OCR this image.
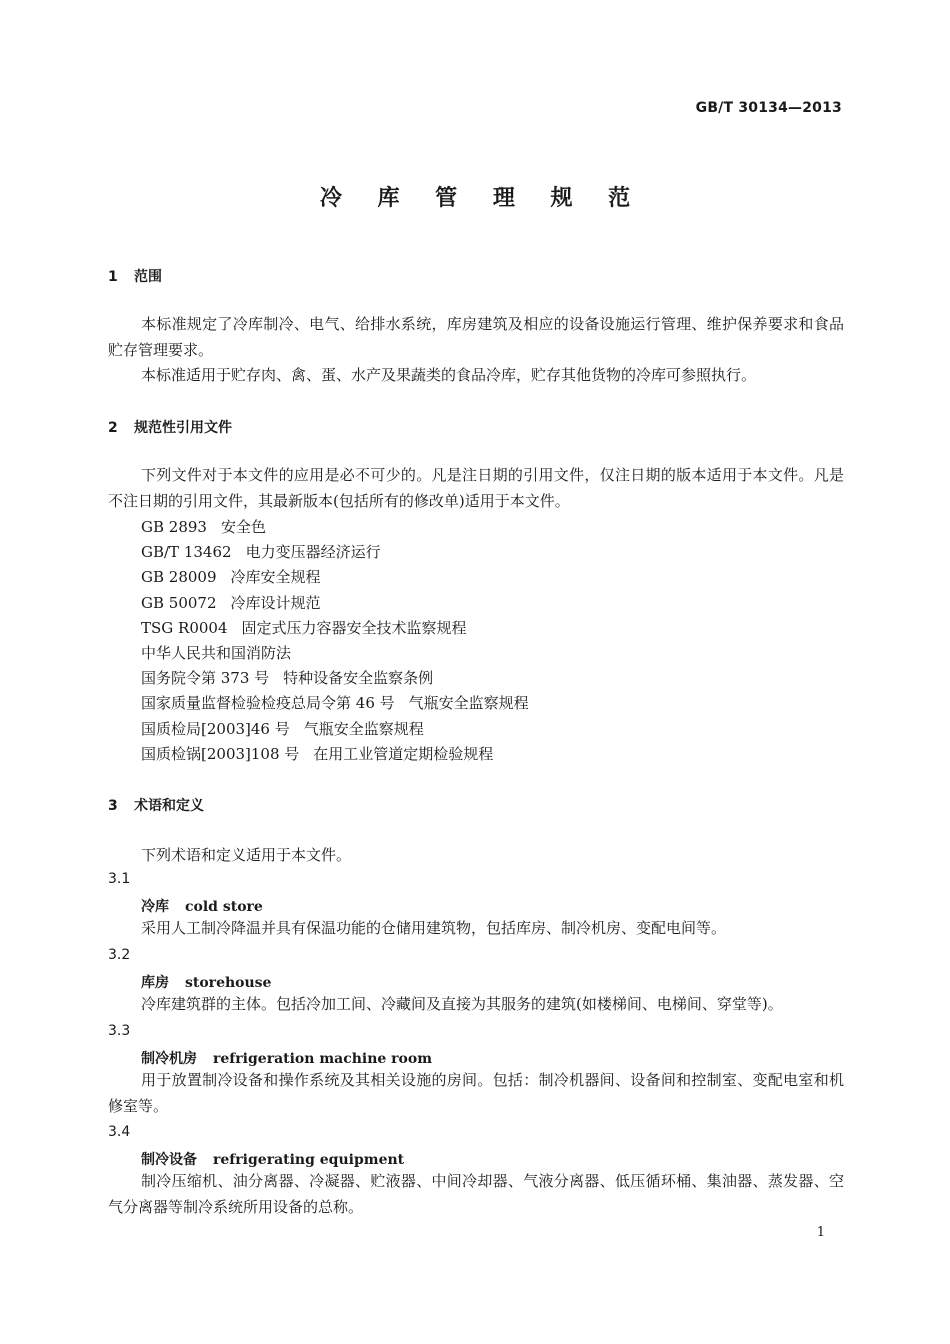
GB/T 30134—2013
冷 库 管 理 规 范
1 范围
本标准规定了冷库制冷、电气、给排水系统，库房建筑及相应的设备设施运行管理、维护保养要求和食品贮存管理要求。
本标准适用于贮存肉、禽、蛋、水产及果蔬类的食品冷库，贮存其他货物的冷库可参照执行。
2 规范性引用文件
下列文件对于本文件的应用是必不可少的。凡是注日期的引用文件，仅注日期的版本适用于本文件。凡是不注日期的引用文件，其最新版本(包括所有的修改单)适用于本文件。
GB 2893 安全色
GB/T 13462 电力变压器经济运行
GB 28009 冷库安全规程
GB 50072 冷库设计规范
TSG R0004 固定式压力容器安全技术监察规程
中华人民共和国消防法
国务院令第 373 号 特种设备安全监察条例
国家质量监督检验检疫总局令第 46 号 气瓶安全监察规程
国质检局[2003]46 号 气瓶安全监察规程
国质检锅[2003]108 号 在用工业管道定期检验规程
3 术语和定义
下列术语和定义适用于本文件。
3.1
冷库 cold store
采用人工制冷降温并具有保温功能的仓储用建筑物，包括库房、制冷机房、变配电间等。
3.2
库房 storehouse
冷库建筑群的主体。包括冷加工间、冷藏间及直接为其服务的建筑(如楼梯间、电梯间、穿堂等)。
3.3
制冷机房 refrigeration machine room
用于放置制冷设备和操作系统及其相关设施的房间。包括：制冷机器间、设备间和控制室、变配电室和机修室等。
3.4
制冷设备 refrigerating equipment
制冷压缩机、油分离器、冷凝器、贮液器、中间冷却器、气液分离器、低压循环桶、集油器、蒸发器、空气分离器等制冷系统所用设备的总称。
1
